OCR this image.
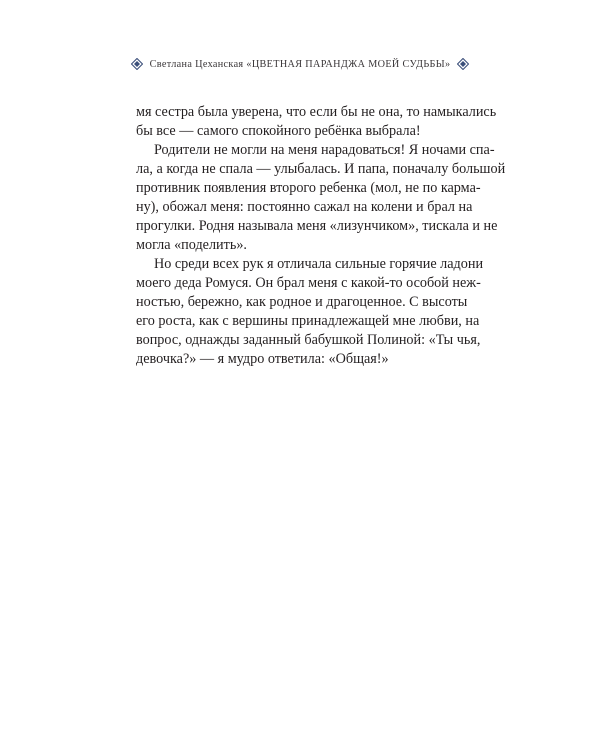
Светлана Цеханская «ЦВЕТНАЯ ПАРАНДЖА МОЕЙ СУДЬБЫ»

мя сестра была уверена, что если бы не она, то намыкались
бы все — самого спокойного ребёнка выбрала!

Родители не могли на меня нарадоваться! Я ночами спа-
ла, а когда не спала — улыбалась. И папа, поначалу большой
противник появления второго ребенка (мол, не по карма-
ну), обожал меня: постоянно сажал на колени и брал на
прогулки. Родня называла меня «лизунчиком», тискала и не
могла «поделить».

Но среди всех рук я отличала сильные горячие ладони
моего деда Ромуся. Он брал меня с какой-то особой неж-
ностью, бережно, как родное и драгоценное. С высоты
его роста, как с вершины принадлежащей мне любви, на
вопрос, однажды заданный бабушкой Полиной: «Ты чья,
девочка?» — я мудро ответила: «Общая!»
